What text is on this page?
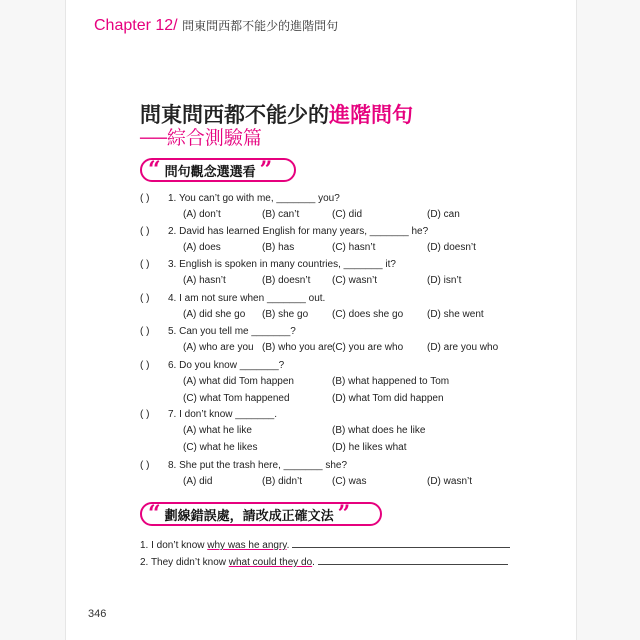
Chapter 12/ 問東問西都不能少的進階問句
問東問西都不能少的進階問句
──綜合測驗篇
“ 問句觀念選選看 ”
( ) 1. You can’t go with me, _______ you?
(A) don’t	(B) can’t	(C) did	(D) can
( ) 2. David has learned English for many years, _______ he?
(A) does	(B) has	(C) hasn’t	(D) doesn’t
( ) 3. English is spoken in many countries, _______ it?
(A) hasn’t	(B) doesn’t (C) wasn’t	(D) isn’t
( ) 4. I am not sure when _______ out.
(A) did she go (B) she go (C) does she go (D) she went
( ) 5. Can you tell me _______?
(A) who are you (B) who you are (C) you are who (D) are you who
( ) 6. Do you know _______?
(A) what did Tom happen	(B) what happened to Tom
(C) what Tom happened	(D) what Tom did happen
( ) 7. I don’t know _______.
(A) what he like	(B) what does he like
(C) what he likes	(D) he likes what
( ) 8. She put the trash here, _______ she?
(A) did	(B) didn’t	(C) was	(D) wasn’t
“ 劃線錯誤處，請改成正確文法 ”
1. I don’t know why was he angry.
2. They didn’t know what could they do.
346
